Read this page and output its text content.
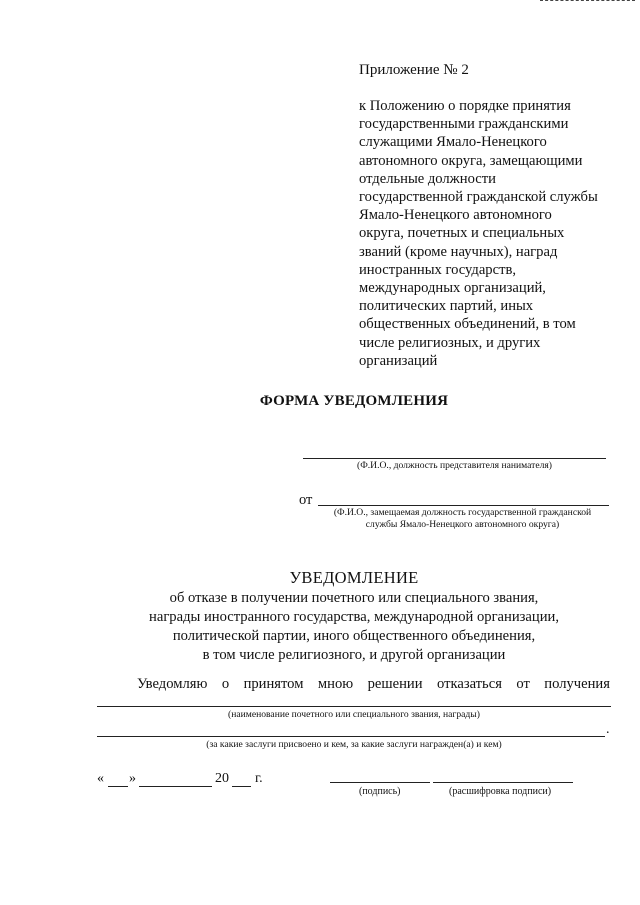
Приложение № 2
к Положению о порядке принятия
государственными гражданскими
служащими Ямало-Ненецкого
автономного округа, замещающими
отдельные должности
государственной гражданской службы
Ямало-Ненецкого автономного
округа, почетных и специальных
званий (кроме научных), наград
иностранных государств,
международных организаций,
политических партий, иных
общественных объединений, в том
числе религиозных, и других
организаций
ФОРМА УВЕДОМЛЕНИЯ
(Ф.И.О., должность представителя нанимателя)
от
(Ф.И.О., замещаемая должность государственной гражданской
службы Ямало-Ненецкого автономного округа)
УВЕДОМЛЕНИЕ
об отказе в получении почетного или специального звания,
награды иностранного государства, международной организации,
политической партии, иного общественного объединения,
в том числе религиозного, и другой организации
Уведомляю о принятом мною решении отказаться от получения
(наименование почетного или специального звания, награды)
.
(за какие заслуги присвоено и кем, за какие заслуги награжден(а) и кем)
« »	20 г.
(подпись)	(расшифровка подписи)
